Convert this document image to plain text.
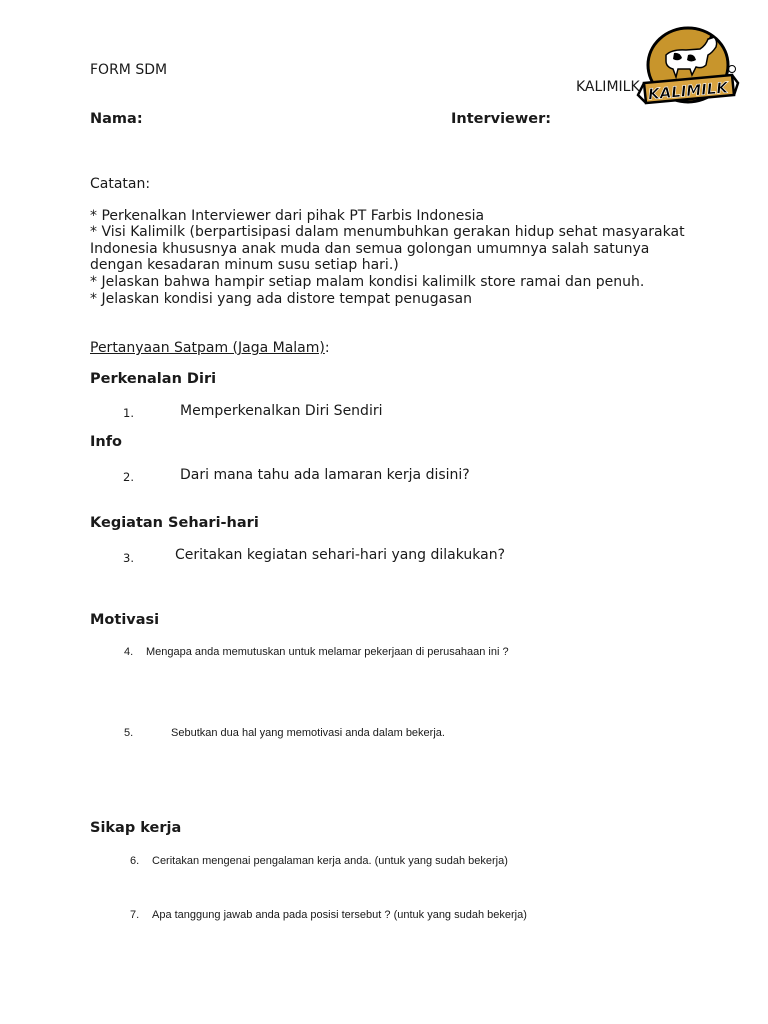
FORM SDM
KALIMILK KALIMILK
Nama:	Interviewer:
Catatan:
* Perkenalkan Interviewer dari pihak PT Farbis Indonesia
* Visi Kalimilk (berpartisipasi dalam menumbuhkan gerakan hidup sehat masyarakat
Indonesia khususnya anak muda dan semua golongan umumnya salah satunya
dengan kesadaran minum susu setiap hari.)
* Jelaskan bahwa hampir setiap malam kondisi kalimilk store ramai dan penuh.
* Jelaskan kondisi yang ada distore tempat penugasan
Pertanyaan Satpam (Jaga Malam):
Perkenalan Diri
1.	Memperkenalkan Diri Sendiri
Info
2.	Dari mana tahu ada lamaran kerja disini?
Kegiatan Sehari-hari
3.	Ceritakan kegiatan sehari-hari yang dilakukan?
Motivasi
4. Mengapa anda memutuskan untuk melamar pekerjaan di perusahaan ini ?
5.	Sebutkan dua hal yang memotivasi anda dalam bekerja.
Sikap kerja
6. Ceritakan mengenai pengalaman kerja anda. (untuk yang sudah bekerja)
7. Apa tanggung jawab anda pada posisi tersebut ? (untuk yang sudah bekerja)
